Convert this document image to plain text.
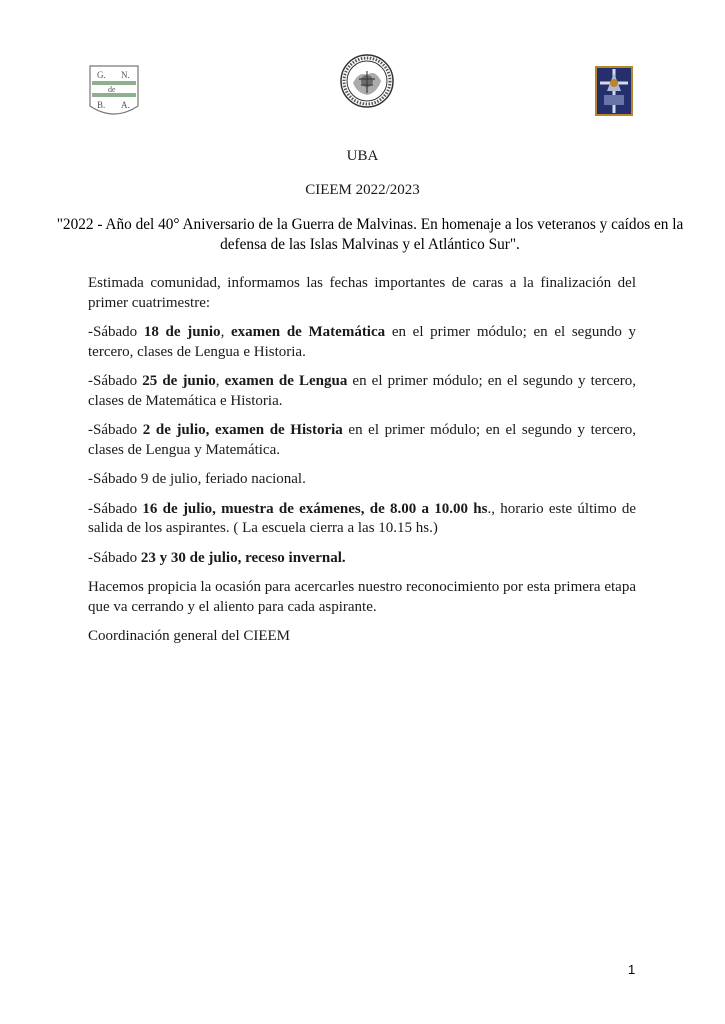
G. N.
de
B. A.
UBA
CIEEM 2022/2023
"2022 - Año del 40° Aniversario de la Guerra de Malvinas. En homenaje a los veteranos y caídos en la defensa de las Islas Malvinas y el Atlántico Sur".

Estimada comunidad, informamos las fechas importantes de caras a la finalización del primer cuatrimestre:

-Sábado 18 de junio, examen de Matemática en el primer módulo; en el segundo y tercero, clases de Lengua e Historia.

-Sábado 25 de junio, examen de Lengua en el primer módulo; en el segundo y tercero, clases de Matemática e Historia.

-Sábado 2 de julio, examen de Historia en el primer módulo; en el segundo y tercero, clases de Lengua y Matemática.

-Sábado 9 de julio, feriado nacional.

-Sábado 16 de julio, muestra de exámenes, de 8.00 a 10.00 hs., horario este último de salida de los aspirantes. ( La escuela cierra a las 10.15 hs.)

-Sábado 23 y 30 de julio, receso invernal.

Hacemos propicia la ocasión para acercarles nuestro reconocimiento por esta primera etapa que va cerrando y el aliento para cada aspirante.

Coordinación general del CIEEM

1
